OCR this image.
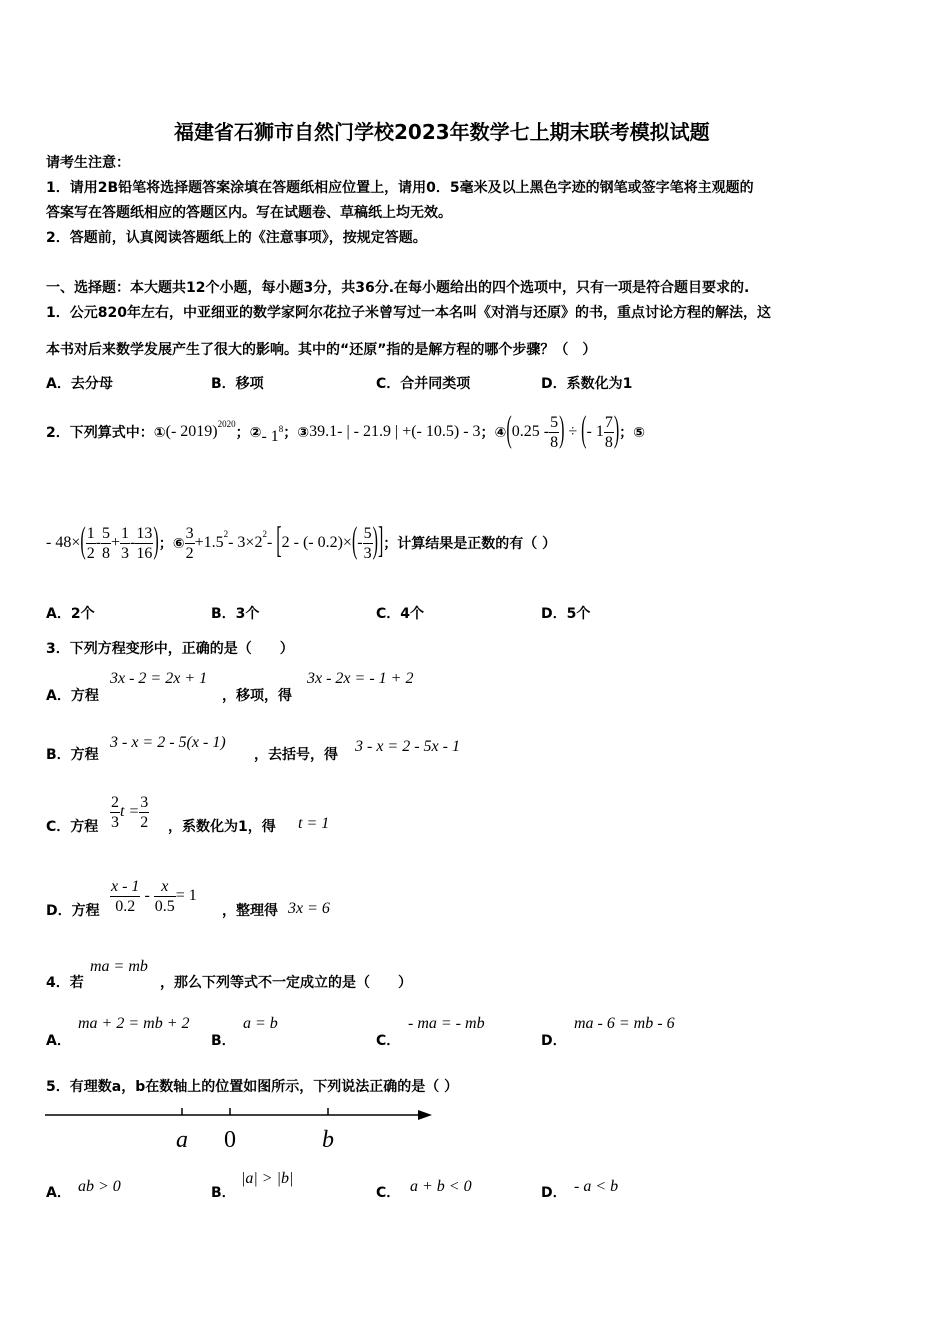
福建省石狮市自然门学校2023年数学七上期末联考模拟试题
请考生注意：
1．请用2B铅笔将选择题答案涂填在答题纸相应位置上，请用0．5毫米及以上黑色字迹的钢笔或签字笔将主观题的
答案写在答题纸相应的答题区内。写在试题卷、草稿纸上均无效。
2．答题前，认真阅读答题纸上的《注意事项》，按规定答题。
一、选择题：本大题共12个小题，每小题3分，共36分.在每小题给出的四个选项中，只有一项是符合题目要求的.
1．公元820年左右，中亚细亚的数学家阿尔花拉子米曾写过一本名叫《对消与还原》的书，重点讨论方程的解法，这
本书对后来数学发展产生了很大的影响。其中的“还原”指的是解方程的哪个步骤？（　）
A．去分母	B．移项	C．合并同类项	D．系数化为1
2．下列算式中：① (- 2019)$^{2020}$
；② - $1^8$ ；③ 39.1- | - 21.9 | +(- 10.5) - 3 ；④ ( $0.25 - \frac{5}{8}$ )
÷
( - $1 \frac{7}{8}$ ) ；⑤
- 48× ( $\frac{1}{2} - \frac{5}{8} + \frac{1}{3} - \frac{13}{16}$ ) ；⑥ $\frac{3}{2} +1.5$ 2 - 3×2 2 -
[ 2 - (- 0.2)× ( - $\frac{5}{3}$ ) ] ；计算结果是正数的有（ ）
A．2个	B．3个	C．4个	D．5个
3．下列方程变形中，正确的是（　　）
A．方程
3x - 2 = 2x + 1
，移项，得
3x - 2x = - 1 + 2
B．方程
3 - x = 2 - 5(x - 1)
，去括号，得 3 - x = 2 - 5x - 1
C．方程 $\frac{2}{3}$ $t = \frac{3}{2}$ ，系数化为1，得 t = 1
D．方程 $\frac{x - 1}{0.2} - \frac{x}{0.5} = 1$
，整理得 3x = 6
4．若
ma = mb
，那么下列等式不一定成立的是（　　）
A．
ma + 2 = mb + 2
B．
a = b
C．
- ma = - mb
D．
ma - 6 = mb - 6
5．有理数a，b在数轴上的位置如图所示，下列说法正确的是（ ）
a 0	b
A． ab > 0	B．
|a| > |b|
C． a + b < 0	D． - a < b
